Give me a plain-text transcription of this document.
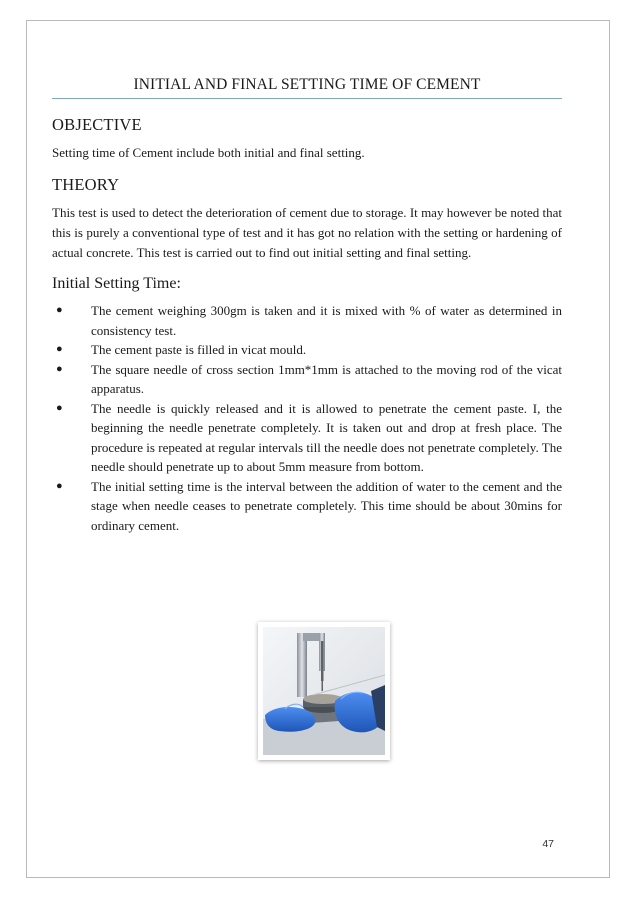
INITIAL AND FINAL SETTING TIME OF CEMENT
OBJECTIVE

Setting time of Cement include both initial and final setting.

THEORY

This test is used to detect the deterioration of cement due to storage. It may however be noted that this is purely a conventional type of test and it has got no relation with the setting or hardening of actual concrete. This test is carried out to find out initial setting and final setting.

Initial Setting Time:
● The cement weighing 300gm is taken and it is mixed with % of water as determined in consistency test.
● The cement paste is filled in vicat mould.
● The square needle of cross section 1mm*1mm is attached to the moving rod of the vicat apparatus.
● The needle is quickly released and it is allowed to penetrate the cement paste. I, the beginning the needle penetrate completely. It is taken out and drop at fresh place. The procedure is repeated at regular intervals till the needle does not penetrate completely. The needle should penetrate up to about 5mm measure from bottom.
● The initial setting time is the interval between the addition of water to the cement and the stage when needle ceases to penetrate completely. This time should be about 30mins for ordinary cement.
47
